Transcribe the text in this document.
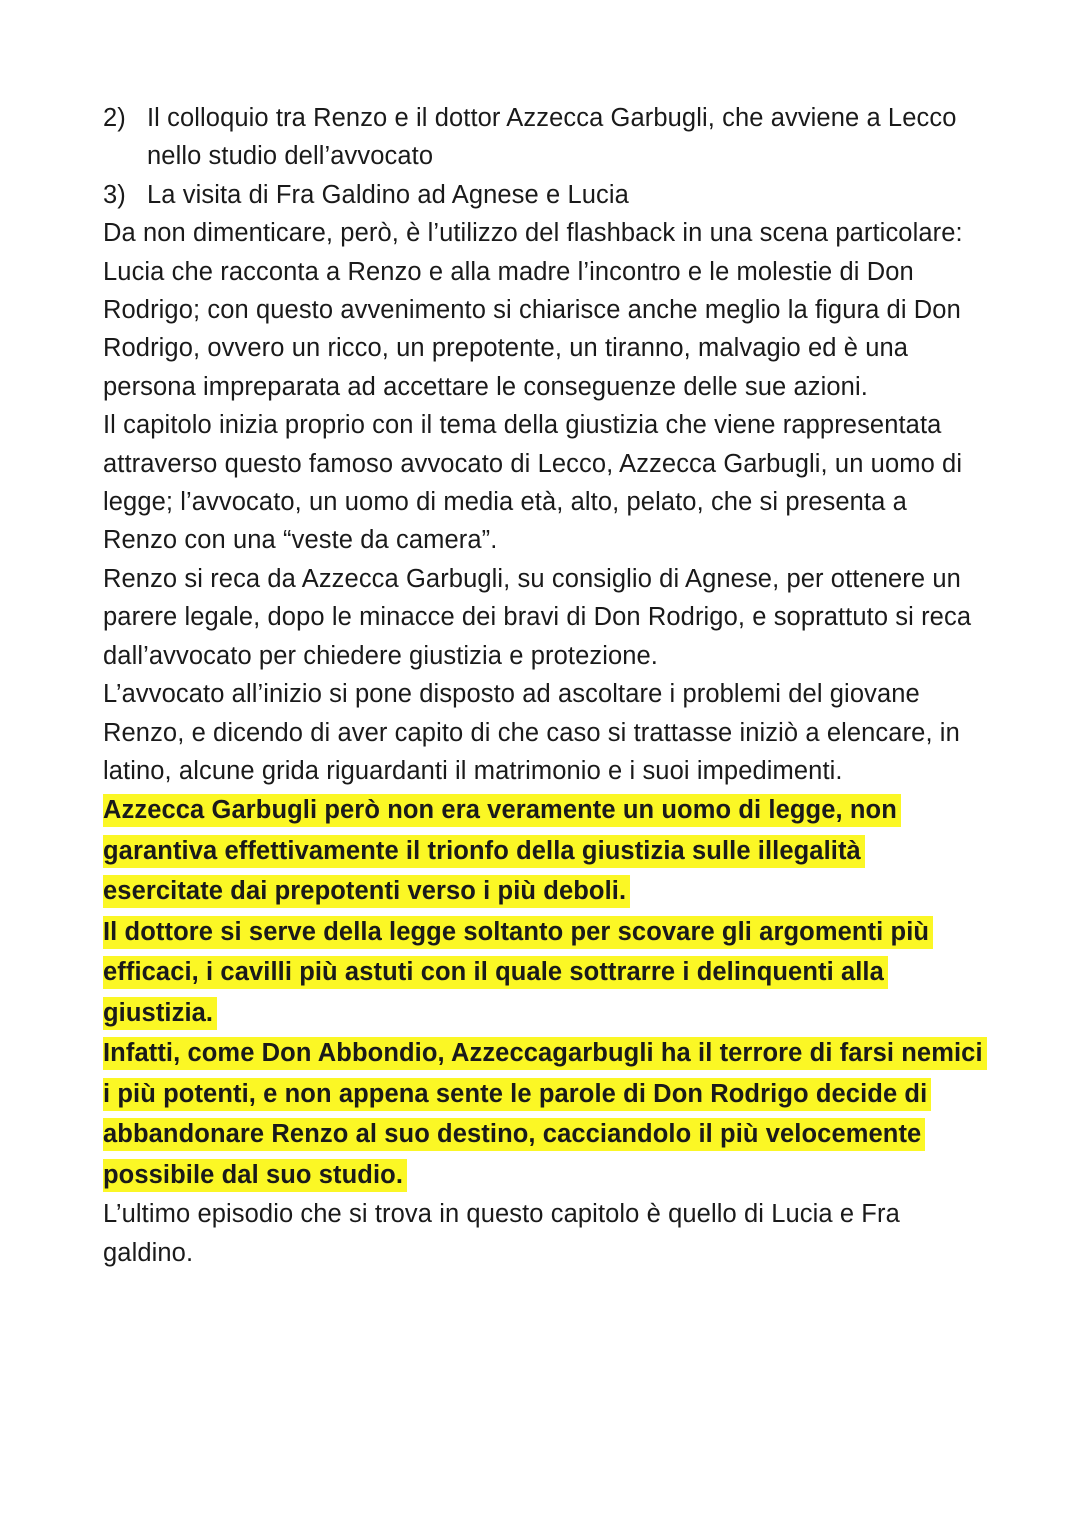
2) Il colloquio tra Renzo e il dottor Azzecca Garbugli, che avviene a Lecco nello studio dell’avvocato
3) La visita di Fra Galdino ad Agnese e Lucia

Da non dimenticare, però, è l’utilizzo del flashback in una scena particolare: Lucia che racconta a Renzo e alla madre l’incontro e le molestie di Don Rodrigo; con questo avvenimento si chiarisce anche meglio la figura di Don Rodrigo, ovvero un ricco, un prepotente, un tiranno, malvagio ed è una persona impreparata ad accettare le conseguenze delle sue azioni.

Il capitolo inizia proprio con il tema della giustizia che viene rappresentata attraverso questo famoso avvocato di Lecco, Azzecca Garbugli, un uomo di legge; l’avvocato, un uomo di media età, alto, pelato, che si presenta a Renzo con una “veste da camera”.

Renzo si reca da Azzecca Garbugli, su consiglio di Agnese, per ottenere un parere legale, dopo le minacce dei bravi di Don Rodrigo, e soprattuto si reca dall’avvocato per chiedere giustizia e protezione.

L’avvocato all’inizio si pone disposto ad ascoltare i problemi del giovane Renzo, e dicendo di aver capito di che caso si trattasse iniziò a elencare, in latino, alcune grida riguardanti il matrimonio e i suoi impedimenti.

Azzecca Garbugli però non era veramente un uomo di legge, non garantiva effettivamente il trionfo della giustizia sulle illegalità esercitate dai prepotenti verso i più deboli.

Il dottore si serve della legge soltanto per scovare gli argomenti più efficaci, i cavilli più astuti con il quale sottrarre i delinquenti alla giustizia.

Infatti, come Don Abbondio, Azzeccagarbugli ha il terrore di farsi nemici i più potenti, e non appena sente le parole di Don Rodrigo decide di abbandonare Renzo al suo destino, cacciandolo il più velocemente possibile dal suo studio.

L’ultimo episodio che si trova in questo capitolo è quello di Lucia e Fra galdino.
